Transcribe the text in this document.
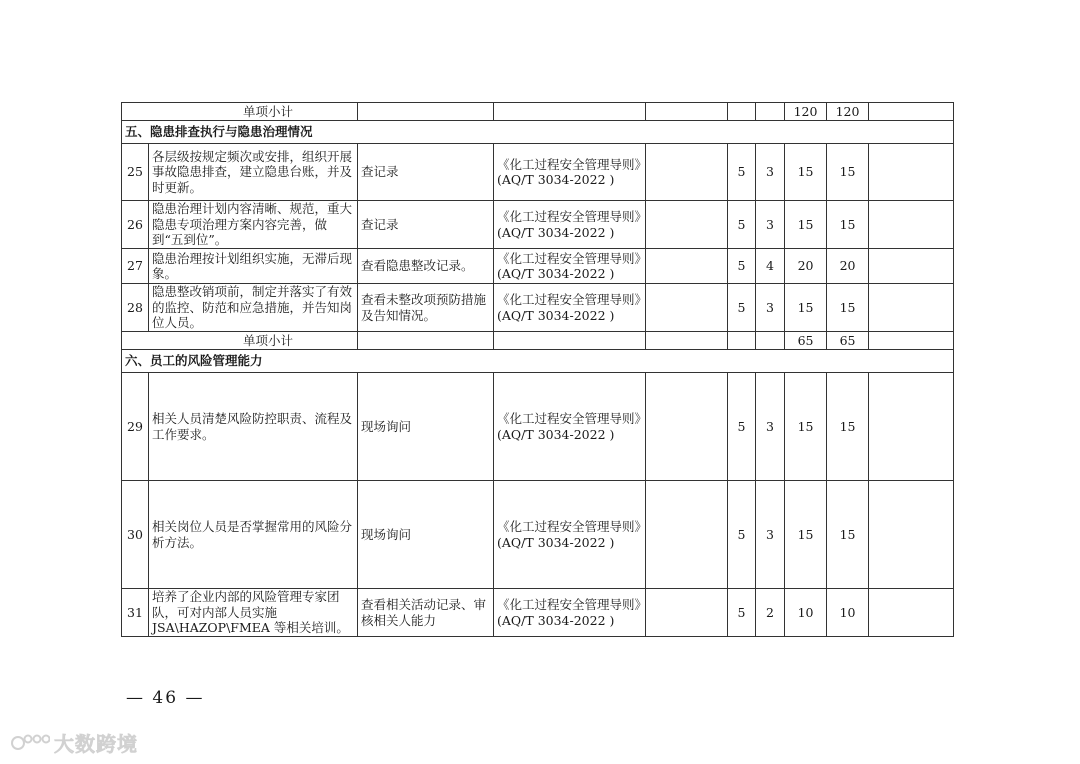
单项小计							120	120	
五、隐患排查执行与隐患治理情况									
25	各层级按规定频次或安排，组织开展事故隐患排查，建立隐患台账，并及时更新。	查记录	《化工过程安全管理导则》(AQ/T 3034-2022 )		5	3	15	15	
26	隐患治理计划内容清晰、规范，重大隐患专项治理方案内容完善，做到“五到位”。	查记录	《化工过程安全管理导则》(AQ/T 3034-2022 )		5	3	15	15	
27	隐患治理按计划组织实施，无滞后现象。	查看隐患整改记录。	《化工过程安全管理导则》(AQ/T 3034-2022 )		5	4	20	20	
28	隐患整改销项前，制定并落实了有效的监控、防范和应急措施，并告知岗位人员。	查看未整改项预防措施及告知情况。	《化工过程安全管理导则》(AQ/T 3034-2022 )		5	3	15	15	
单项小计							65	65	
六、员工的风险管理能力									
29	相关人员清楚风险防控职责、流程及工作要求。	现场询问	《化工过程安全管理导则》(AQ/T 3034-2022 )		5	3	15	15	
30	相关岗位人员是否掌握常用的风险分析方法。	现场询问	《化工过程安全管理导则》(AQ/T 3034-2022 )		5	3	15	15	
31	培养了企业内部的风险管理专家团队，可对内部人员实施JSA\HAZOP\FMEA 等相关培训。	查看相关活动记录、审核相关人能力	《化工过程安全管理导则》(AQ/T 3034-2022 )		5	2	10	10	
— 46 —
大数跨境
